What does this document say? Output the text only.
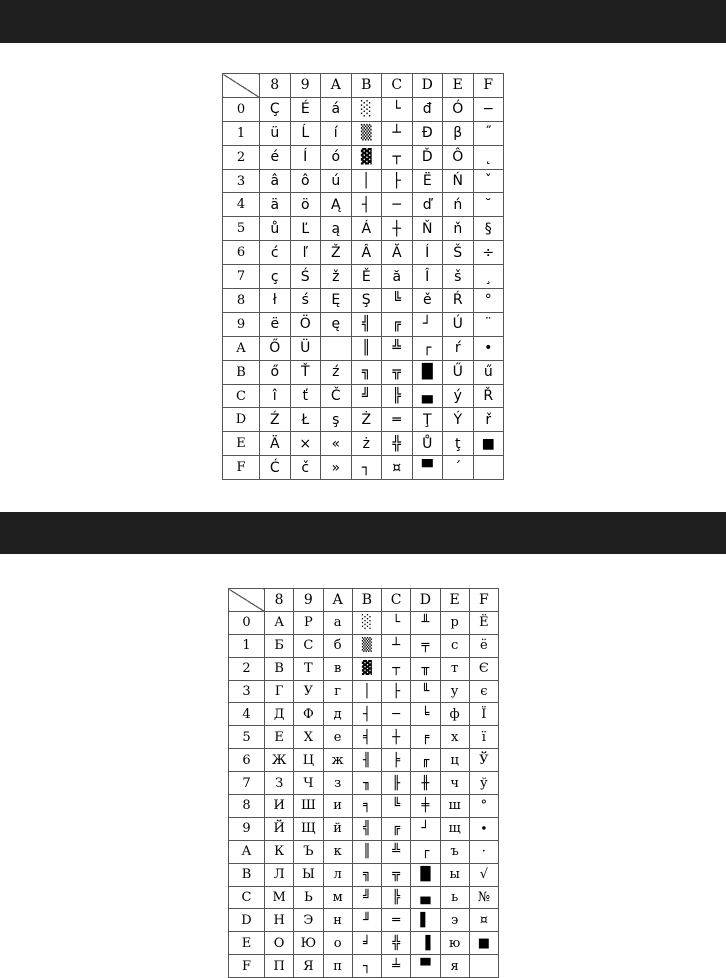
	8	9	A	B	C	D	E	F
0	Ç	É	á	░	└	đ	Ó	−
1	ü	Ĺ	í	▒	┴	Đ	β	˝
2	é	Í	ó	▓	┬	Ď	Ô	˛
3	â	ô	ú	│	├	Ë	Ń	ˇ
4	ä	ö	Ą	┤	─	ď	ń	˘
5	ů	Ľ	ą	Á	┼	Ň	ň	§
6	ć	ľ	Ž	Â	Ă	Í	Š	÷
7	ç	Ś	ž	Ě	ă	Î	š	¸
8	ł	ś	Ę	Ş	╚	ě	Ŕ	°
9	ë	Ö	ę	╣	╔	┘	Ú	¨
A	Ő	Ü		║	╩	┌	ŕ	•
B	ő	Ť	ź	╗	╦	█	Ű	ű
C	î	ť	Č	╝	╠	▄	ý	Ř
D	Ź	Ł	ş	Ż	═	Ţ	Ý	ř
E	Ä	×	«	ż	╬	Ů	ţ	■
F	Ć	č	»	┐	¤	▀	´	
	8	9	A	B	C	D	E	F
0	А	Р	а	░	└	╨	р	Ё
1	Б	С	б	▒	┴	╤	с	ё
2	В	Т	в	▓	┬	╥	т	Є
3	Г	У	г	│	├	╙	у	є
4	Д	Ф	д	┤	─	╘	ф	Ї
5	Е	Х	е	╡	┼	╒	х	ї
6	Ж	Ц	ж	╢	╞	╓	ц	Ў
7	З	Ч	з	╖	╟	╫	ч	ў
8	И	Ш	и	╕	╚	╪	ш	°
9	Й	Щ	й	╣	╔	┘	щ	∙
A	К	Ъ	к	║	╩	┌	ъ	·
B	Л	Ы	л	╗	╦	█	ы	√
C	М	Ь	м	╝	╠	▄	ь	№
D	Н	Э	н	╜	═	▌	э	¤
E	О	Ю	о	╛	╬	▐	ю	■
F	П	Я	п	┐	╧	▀	я	
